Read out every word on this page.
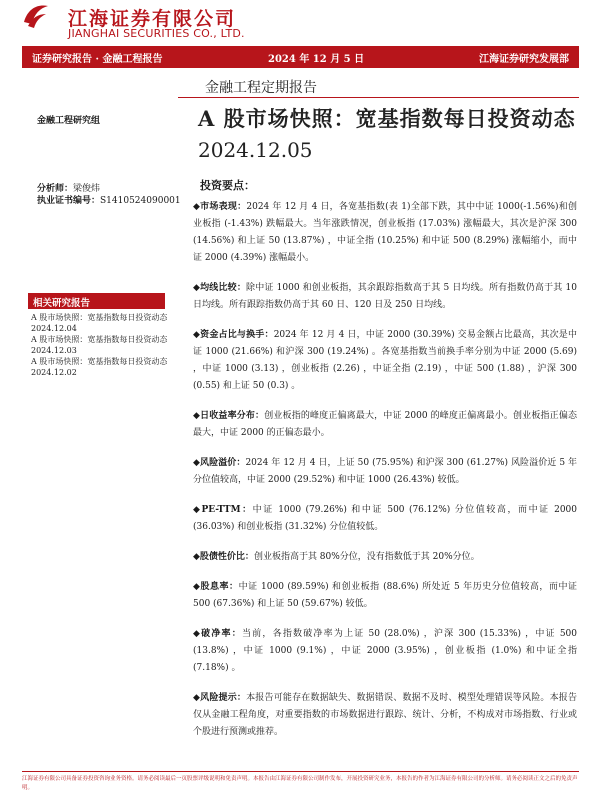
江海证券有限公司
JIANGHAI SECURITIES CO., LTD.
证券研究报告 · 金融工程报告	2024 年 12 月 5 日	江海证券研究发展部
金融工程定期报告
A 股市场快照：宽基指数每日投资动态
2024.12.05
金融工程研究组
分析师：梁俊炜
执业证书编号：S1410524090001
相关研究报告
A 股市场快照：宽基指数每日投资动态 2024.12.04
A 股市场快照：宽基指数每日投资动态 2024.12.03
A 股市场快照：宽基指数每日投资动态 2024.12.02
投资要点：

◆市场表现：2024 年 12 月 4 日，各宽基指数(表 1)全部下跌，其中中证 1000(-1.56%)和创业板指 (-1.43%) 跌幅最大。当年涨跌情况，创业板指 (17.03%) 涨幅最大，其次是沪深 300 (14.56%) 和上证 50 (13.87%) ，中证全指 (10.25%) 和中证 500 (8.29%) 涨幅缩小，而中证 2000 (4.39%) 涨幅最小。

◆均线比较：除中证 1000 和创业板指，其余跟踪指数高于其 5 日均线。所有指数仍高于其 10 日均线。所有跟踪指数仍高于其 60 日、120 日及 250 日均线。

◆资金占比与换手：2024 年 12 月 4 日，中证 2000 (30.39%) 交易金额占比最高，其次是中证 1000 (21.66%) 和沪深 300 (19.24%) 。各宽基指数当前换手率分别为中证 2000 (5.69) ，中证 1000 (3.13) ，创业板指 (2.26) ，中证全指 (2.19) ，中证 500 (1.88) ，沪深 300 (0.55) 和上证 50 (0.3) 。

◆日收益率分布：创业板指的峰度正偏离最大，中证 2000 的峰度正偏离最小。创业板指正偏态最大，中证 2000 的正偏态最小。

◆风险溢价：2024 年 12 月 4 日，上证 50 (75.95%) 和沪深 300 (61.27%) 风险溢价近 5 年分位值较高，中证 2000 (29.52%) 和中证 1000 (26.43%) 较低。

◆PE-TTM：中证 1000 (79.26%) 和中证 500 (76.12%) 分位值较高，而中证 2000 (36.03%) 和创业板指 (31.32%) 分位值较低。

◆股债性价比：创业板指高于其 80%分位，没有指数低于其 20%分位。

◆股息率：中证 1000 (89.59%) 和创业板指 (88.6%) 所处近 5 年历史分位值较高，而中证 500 (67.36%) 和上证 50 (59.67%) 较低。

◆破净率：当前，各指数破净率为上证 50 (28.0%) ，沪深 300 (15.33%) ，中证 500 (13.8%) ，中证 1000 (9.1%) ，中证 2000 (3.95%) ，创业板指 (1.0%) 和中证全指 (7.18%) 。

◆风险提示：本报告可能存在数据缺失、数据错误、数据不及时、模型处理错误等风险。本报告仅从金融工程角度，对重要指数的市场数据进行跟踪、统计、分析，不构成对市场指数、行业或个股进行预测或推荐。

江海证券有限公司具备证券投资咨询业务资格。请务必阅读最后一页股票评级说明和免责声明。本报告由江海证券有限公司制作发布，开展投资研究业务，本报告的作者为江海证券有限公司的分析师。请务必阅读正文之后的免责声明。
